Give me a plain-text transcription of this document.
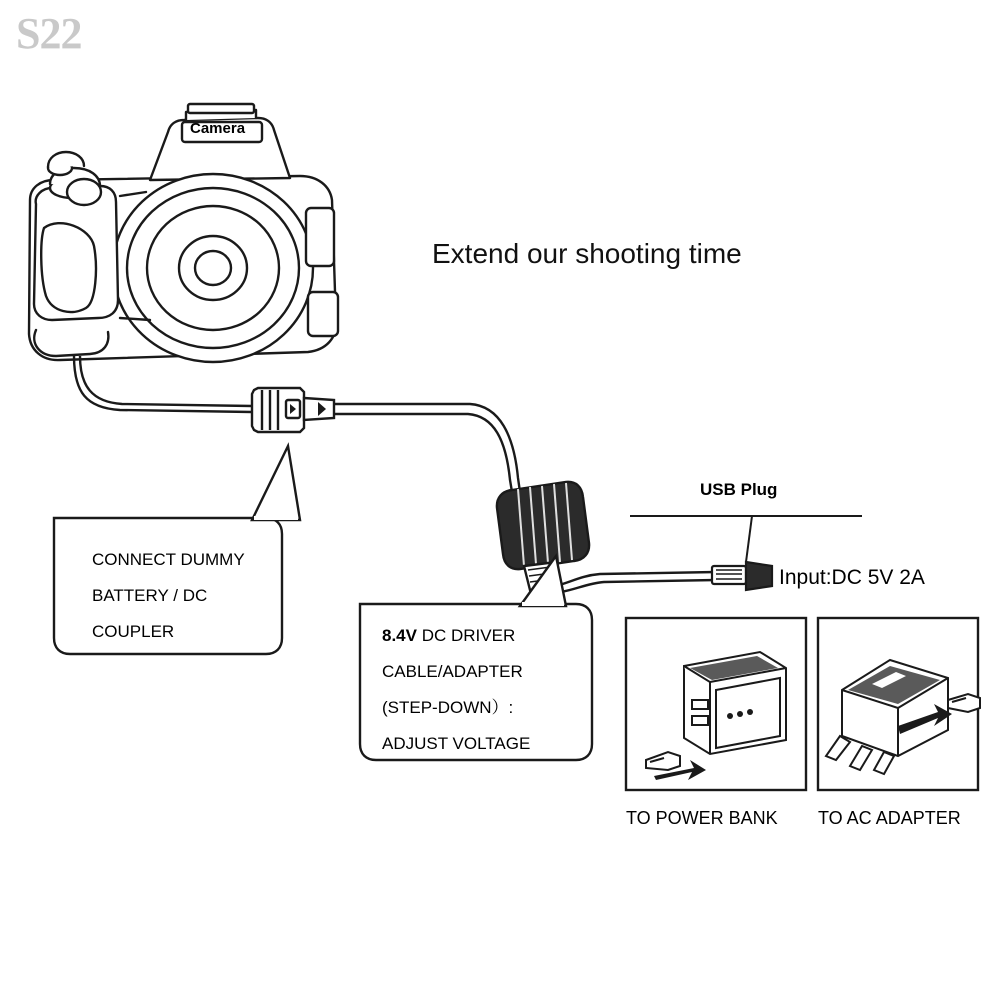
S22
Extend our shooting time
Camera
USB Plug
Input:DC 5V 2A
CONNECT DUMMY
BATTERY / DC
COUPLER	8.4V DC DRIVER
CABLE/ADAPTER
(STEP-DOWN）:
ADJUST VOLTAGE
TO POWER BANK TO AC ADAPTER
